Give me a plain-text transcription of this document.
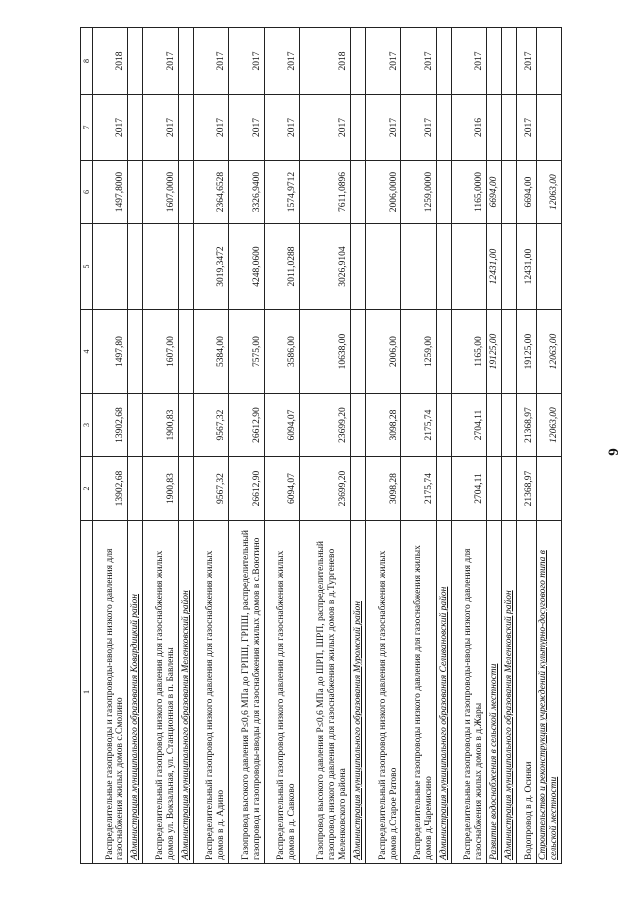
6
1	2	3	4	5	6	7	8
Распределительные газопроводы и газопроводы-вводы низкого давления для газоснабжения жилых домов с.Смолино	13902,68	13902,68	1497,80		1497,8000	2017	2018
Администрация муниципального образования Ковардицкий район							
Распределительный газопровод низкого давления для газоснабжения жилых домов ул. Вокзальная, ул. Станционная в п. Бавлены	1900,83	1900,83	1607,00		1607,0000	2017	2017
Администрация муниципального образования Меленковский район							
Распределительный газопровод низкого давления для газоснабжения жилых домов в д. Адино	9567,32	9567,32	5384,00	3019,3472	2364,6528	2017	2017
Газопровод высокого давления Р≤0,6 МПа до ГРПШ, ГРПШ, распределительный газопровод и газопроводы-вводы для газоснабжения жилых домов в с.Воютино	26612,90	26612,90	7575,00	4248,0600	3326,9400	2017	2017
Распределительный газопровод низкого давления для газоснабжения жилых домов в д. Савково	6094,07	6094,07	3586,00	2011,0288	1574,9712	2017	2017
Газопровод высокого давления Р≤0,6 МПа до ШРП, ШРП, распределительный газопровод низкого давления для газоснабжения жилых домов в д.Тургенево Меленковского района	23699,20	23699,20	10638,00	3026,9104	7611,0896	2017	2018
Администрация муниципального образования Муромский район							
Распределительный газопровод низкого давления для газоснабжения жилых домов д.Старое Ратово	3098,28	3098,28	2006,00		2006,0000	2017	2017
Распределительные газопроводы низкого давления для газоснабжения жилых домов д.Чаремисино	2175,74	2175,74	1259,00		1259,0000	2017	2017
Администрация муниципального образования Селивановский район							
Распределительные газопроводы и газопроводы-вводы низкого давления для газоснабжения жилых домов в д.Жары	2704,11	2704,11	1165,00		1165,0000	2016	2017
Развитие водоснабжения в сельской местности			19125,00	12431,00	6694,00		
Администрация муниципального образования Меленковский район							
Водопровод в д. Осинки	21368,97	21368,97	19125,00	12431,00	6694,00	2017	2017
Строительство и реконструкция учреждений культурно-досугового типа в сельской местности		12063,00	12063,00		12063,00		
